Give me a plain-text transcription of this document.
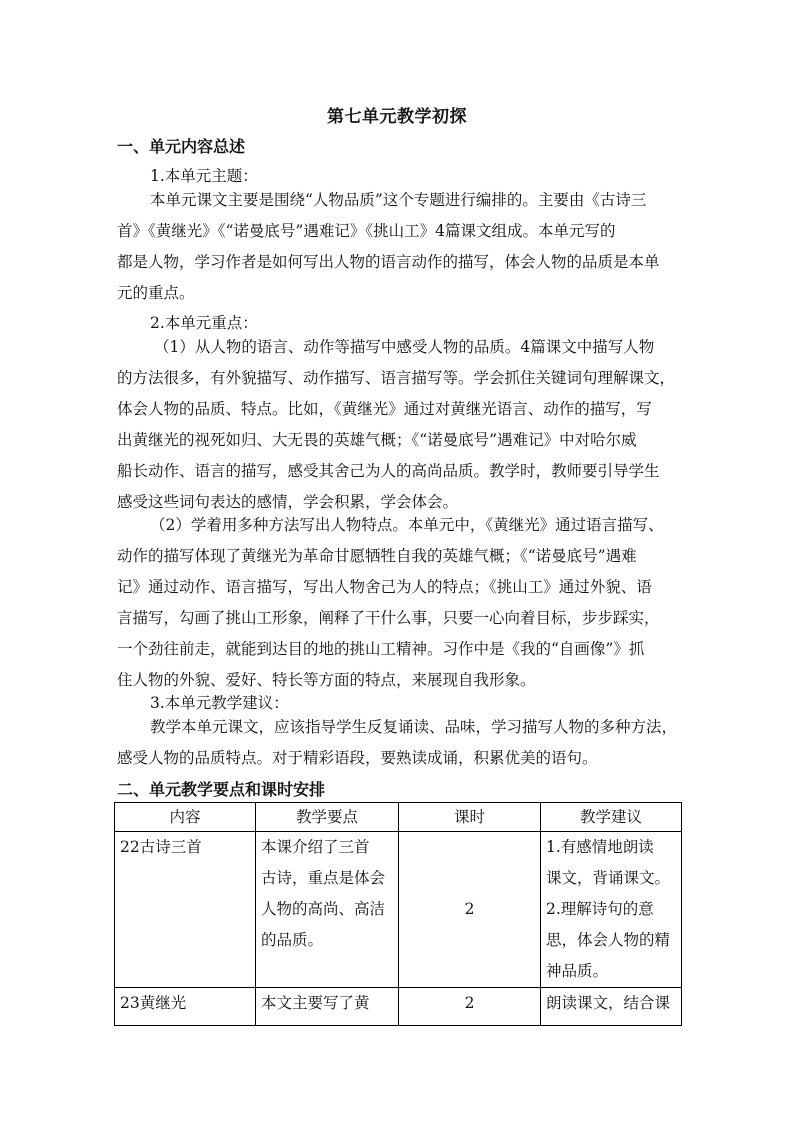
第七单元教学初探
一、单元内容总述
1.本单元主题：
本单元课文主要是围绕“人物品质”这个专题进行编排的。主要由《古诗三
首》《黄继光》《“诺曼底号”遇难记》《挑山工》4篇课文组成。本单元写的
都是人物，学习作者是如何写出人物的语言动作的描写，体会人物的品质是本单
元的重点。
2.本单元重点：
（1）从人物的语言、动作等描写中感受人物的品质。4篇课文中描写人物
的方法很多，有外貌描写、动作描写、语言描写等。学会抓住关键词句理解课文，
体会人物的品质、特点。比如，《黄继光》通过对黄继光语言、动作的描写，写
出黄继光的视死如归、大无畏的英雄气概；《“诺曼底号”遇难记》中对哈尔威
船长动作、语言的描写，感受其舍己为人的高尚品质。教学时，教师要引导学生
感受这些词句表达的感情，学会积累，学会体会。
（2）学着用多种方法写出人物特点。本单元中，《黄继光》通过语言描写、
动作的描写体现了黄继光为革命甘愿牺牲自我的英雄气概；《“诺曼底号”遇难
记》通过动作、语言描写，写出人物舍己为人的特点；《挑山工》通过外貌、语
言描写，勾画了挑山工形象，阐释了干什么事，只要一心向着目标，步步踩实，
一个劲往前走，就能到达目的地的挑山工精神。习作中是《我的“自画像”》抓
住人物的外貌、爱好、特长等方面的特点，来展现自我形象。
3.本单元教学建议：
教学本单元课文，应该指导学生反复诵读、品味，学习描写人物的多种方法，
感受人物的品质特点。对于精彩语段，要熟读成诵，积累优美的语句。
二、单元教学要点和课时安排
内容	教学要点	课时	教学建议
22古诗三首	本课介绍了三首
古诗，重点是体会
人物的高尚、高洁
的品质。	2	1.有感情地朗读
课文，背诵课文。
2.理解诗句的意
思，体会人物的精
神品质。

23黄继光	本文主要写了黄	2	朗读课文，结合课
